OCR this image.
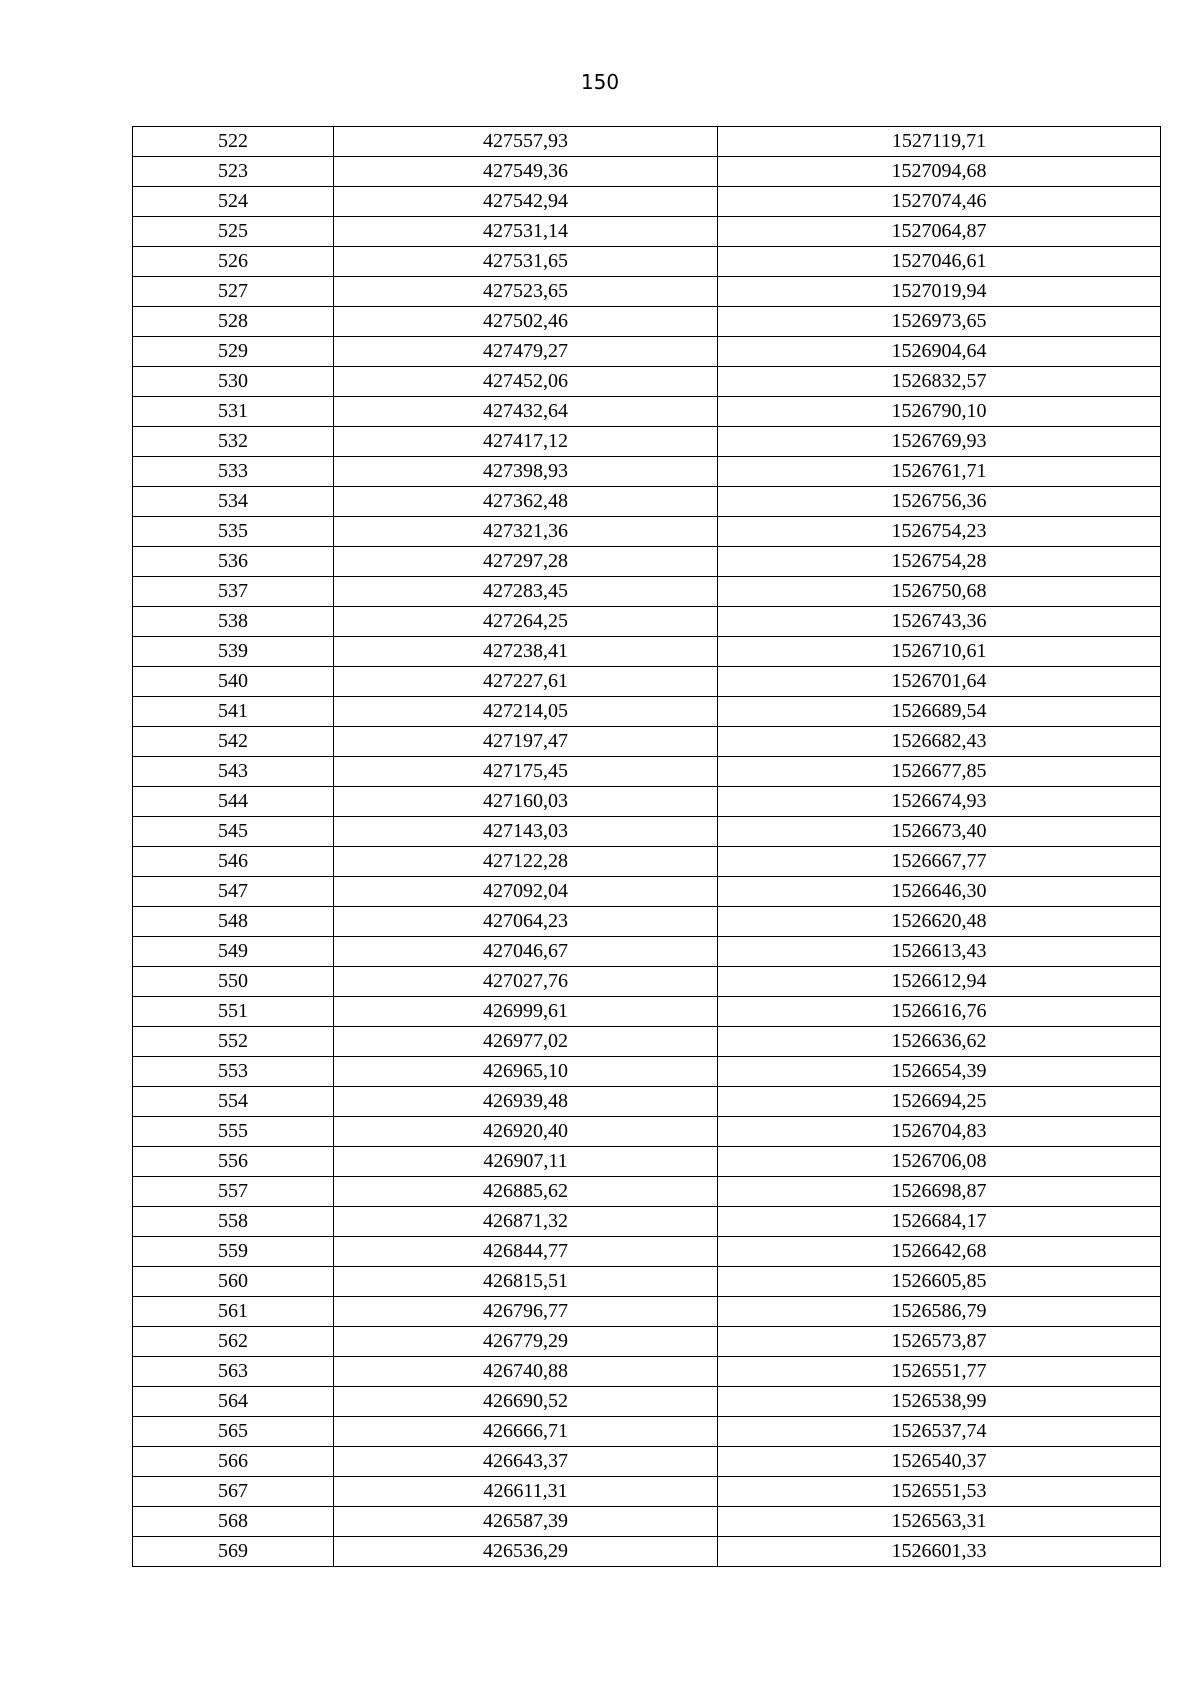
150
522	427557,93	1527119,71
523	427549,36	1527094,68
524	427542,94	1527074,46
525	427531,14	1527064,87
526	427531,65	1527046,61
527	427523,65	1527019,94
528	427502,46	1526973,65
529	427479,27	1526904,64
530	427452,06	1526832,57
531	427432,64	1526790,10
532	427417,12	1526769,93
533	427398,93	1526761,71
534	427362,48	1526756,36
535	427321,36	1526754,23
536	427297,28	1526754,28
537	427283,45	1526750,68
538	427264,25	1526743,36
539	427238,41	1526710,61
540	427227,61	1526701,64
541	427214,05	1526689,54
542	427197,47	1526682,43
543	427175,45	1526677,85
544	427160,03	1526674,93
545	427143,03	1526673,40
546	427122,28	1526667,77
547	427092,04	1526646,30
548	427064,23	1526620,48
549	427046,67	1526613,43
550	427027,76	1526612,94
551	426999,61	1526616,76
552	426977,02	1526636,62
553	426965,10	1526654,39
554	426939,48	1526694,25
555	426920,40	1526704,83
556	426907,11	1526706,08
557	426885,62	1526698,87
558	426871,32	1526684,17
559	426844,77	1526642,68
560	426815,51	1526605,85
561	426796,77	1526586,79
562	426779,29	1526573,87
563	426740,88	1526551,77
564	426690,52	1526538,99
565	426666,71	1526537,74
566	426643,37	1526540,37
567	426611,31	1526551,53
568	426587,39	1526563,31
569	426536,29	1526601,33
